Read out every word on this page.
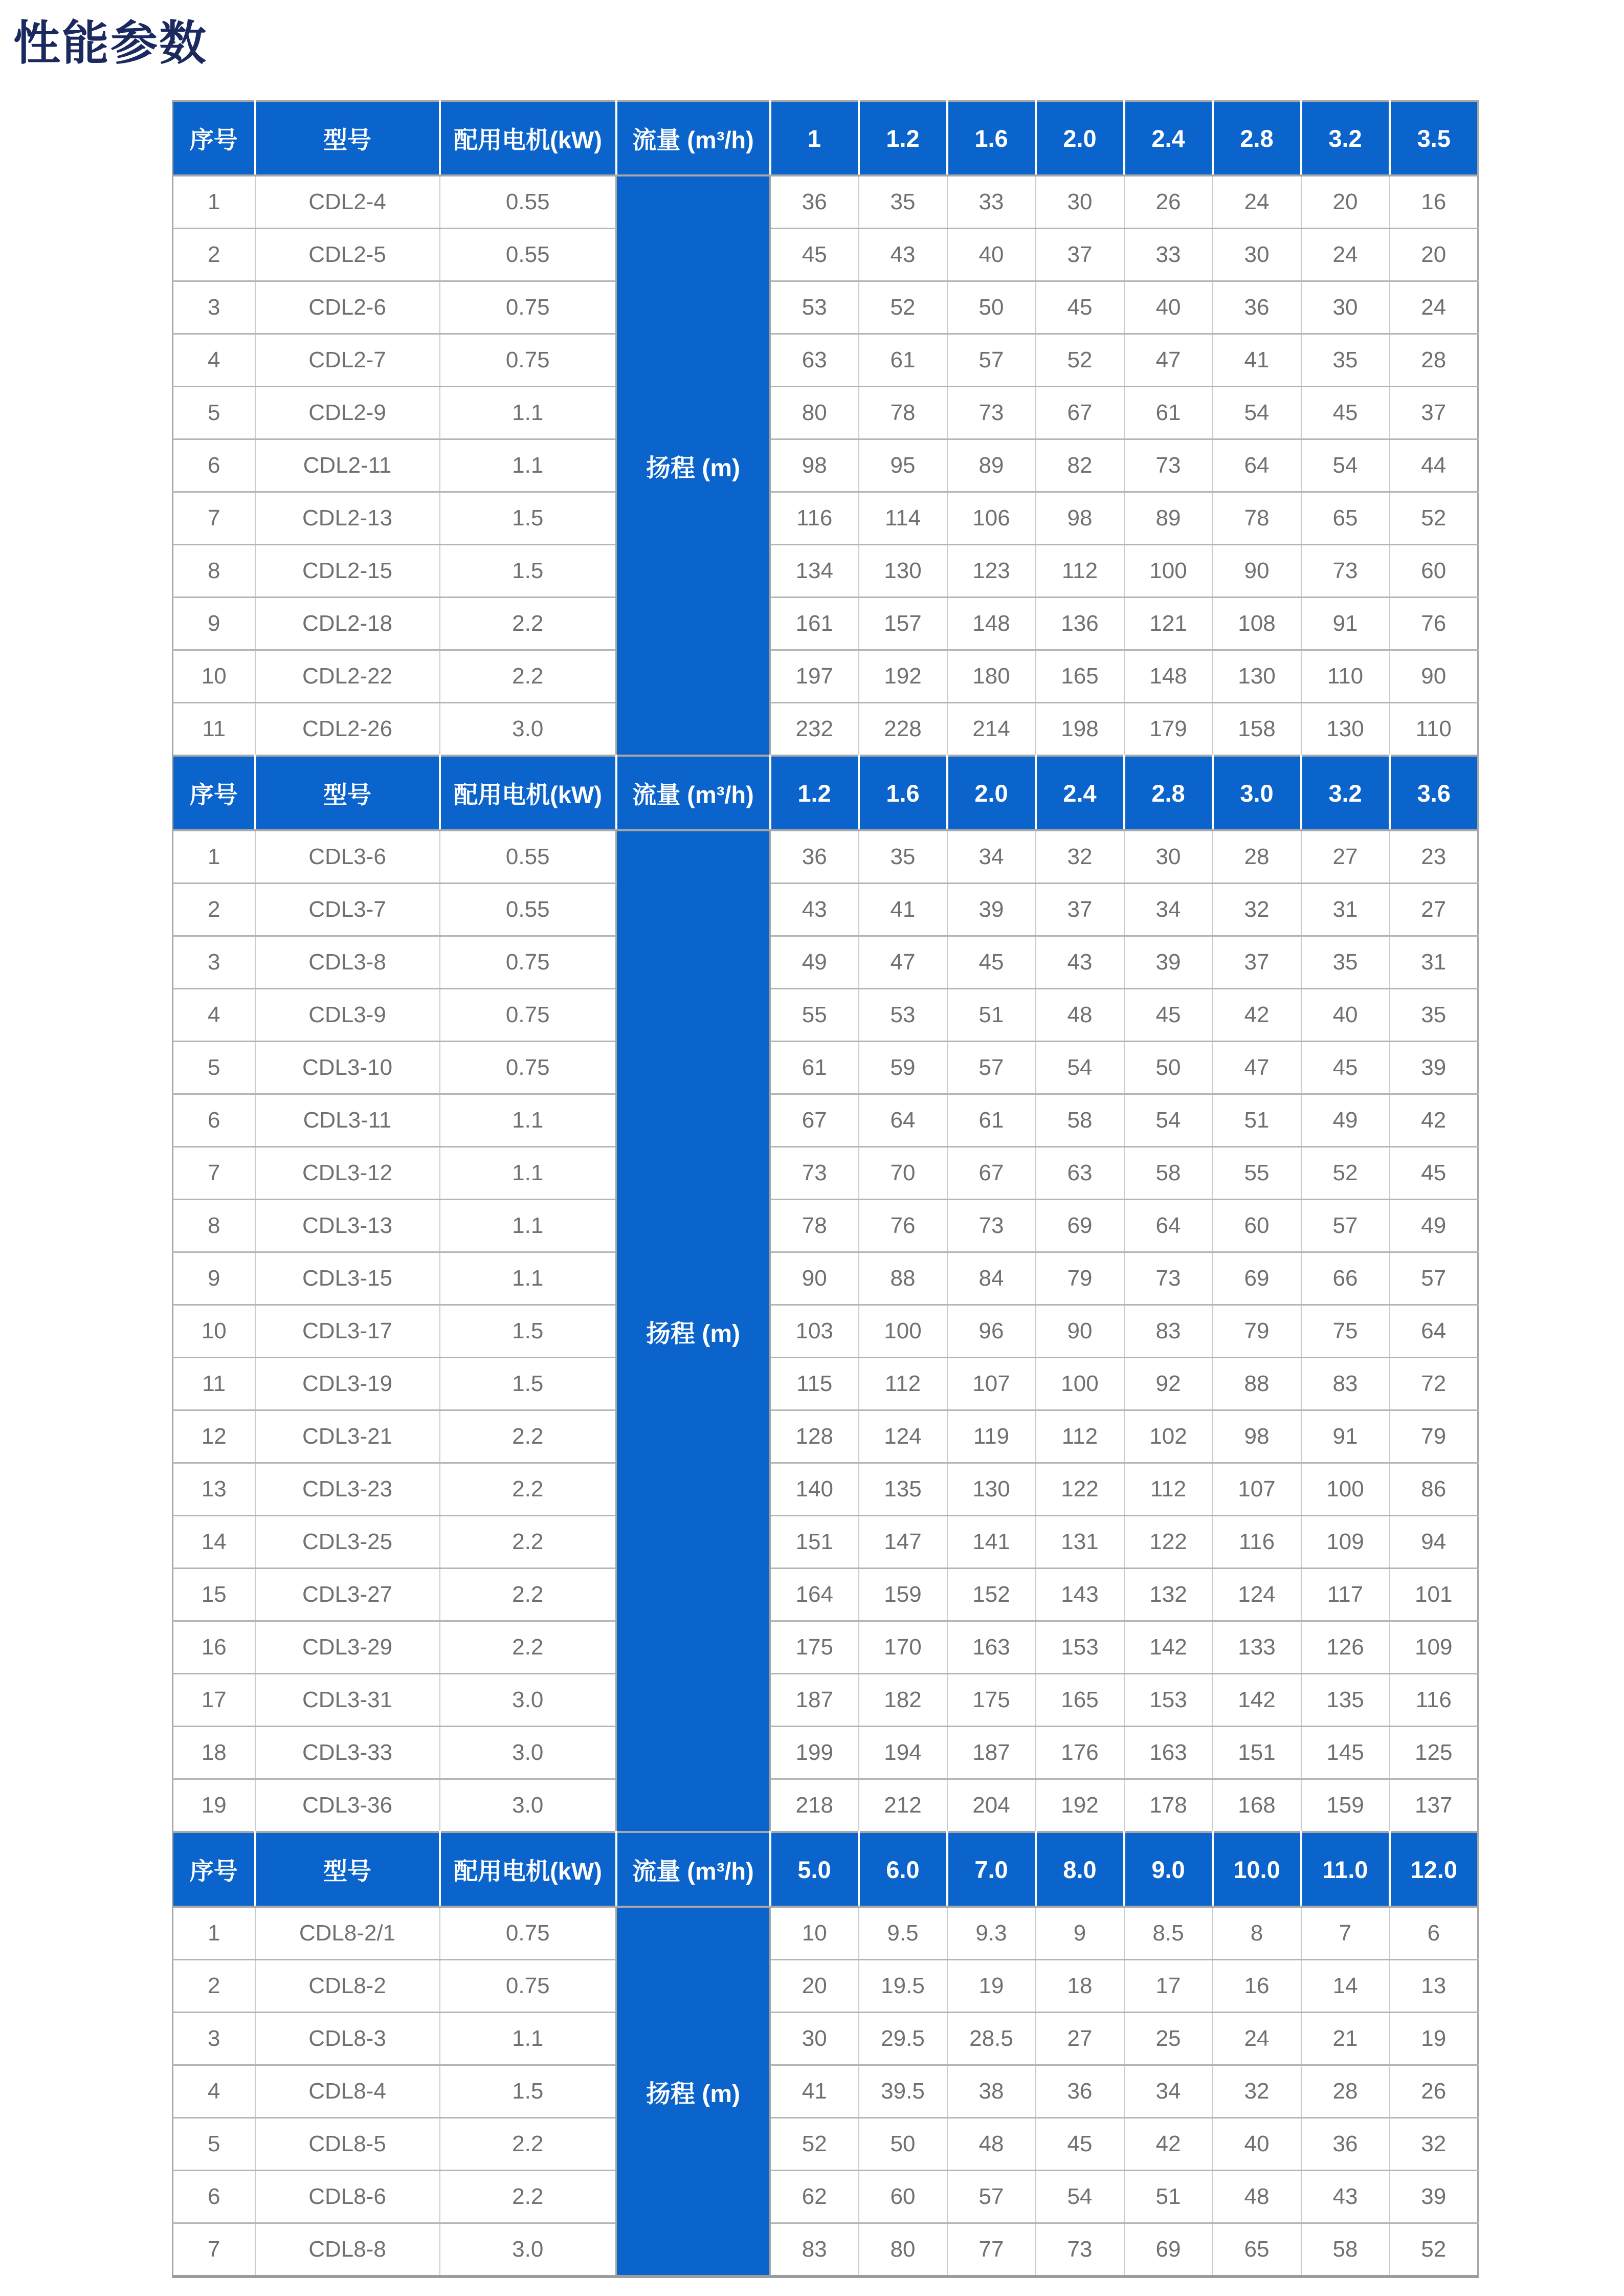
性能参数
序号	型号	配用电机(kW)	流量 (m³/h)	1	1.2	1.6	2.0	2.4	2.8	3.2	3.5
1	CDL2-4	0.55	扬程 (m)	36	35	33	30	26	24	20	16
2	CDL2-5	0.55		45	43	40	37	33	30	24	20
3	CDL2-6	0.75		53	52	50	45	40	36	30	24
4	CDL2-7	0.75		63	61	57	52	47	41	35	28
5	CDL2-9	1.1		80	78	73	67	61	54	45	37
6	CDL2-11	1.1		98	95	89	82	73	64	54	44
7	CDL2-13	1.5		116	114	106	98	89	78	65	52
8	CDL2-15	1.5		134	130	123	112	100	90	73	60
9	CDL2-18	2.2		161	157	148	136	121	108	91	76
10	CDL2-22	2.2		197	192	180	165	148	130	110	90
11	CDL2-26	3.0		232	228	214	198	179	158	130	110
序号	型号	配用电机(kW)	流量 (m³/h)	1.2	1.6	2.0	2.4	2.8	3.0	3.2	3.6
1	CDL3-6	0.55	扬程 (m)	36	35	34	32	30	28	27	23
2	CDL3-7	0.55		43	41	39	37	34	32	31	27
3	CDL3-8	0.75		49	47	45	43	39	37	35	31
4	CDL3-9	0.75		55	53	51	48	45	42	40	35
5	CDL3-10	0.75		61	59	57	54	50	47	45	39
6	CDL3-11	1.1		67	64	61	58	54	51	49	42
7	CDL3-12	1.1		73	70	67	63	58	55	52	45
8	CDL3-13	1.1		78	76	73	69	64	60	57	49
9	CDL3-15	1.1		90	88	84	79	73	69	66	57
10	CDL3-17	1.5		103	100	96	90	83	79	75	64
11	CDL3-19	1.5		115	112	107	100	92	88	83	72
12	CDL3-21	2.2		128	124	119	112	102	98	91	79
13	CDL3-23	2.2		140	135	130	122	112	107	100	86
14	CDL3-25	2.2		151	147	141	131	122	116	109	94
15	CDL3-27	2.2		164	159	152	143	132	124	117	101
16	CDL3-29	2.2		175	170	163	153	142	133	126	109
17	CDL3-31	3.0		187	182	175	165	153	142	135	116
18	CDL3-33	3.0		199	194	187	176	163	151	145	125
19	CDL3-36	3.0		218	212	204	192	178	168	159	137
序号	型号	配用电机(kW)	流量 (m³/h)	5.0	6.0	7.0	8.0	9.0	10.0	11.0	12.0
1	CDL8-2/1	0.75	扬程 (m)	10	9.5	9.3	9	8.5	8	7	6
2	CDL8-2	0.75		20	19.5	19	18	17	16	14	13
3	CDL8-3	1.1		30	29.5	28.5	27	25	24	21	19
4	CDL8-4	1.5		41	39.5	38	36	34	32	28	26
5	CDL8-5	2.2		52	50	48	45	42	40	36	32
6	CDL8-6	2.2		62	60	57	54	51	48	43	39
7	CDL8-8	3.0		83	80	77	73	69	65	58	52
